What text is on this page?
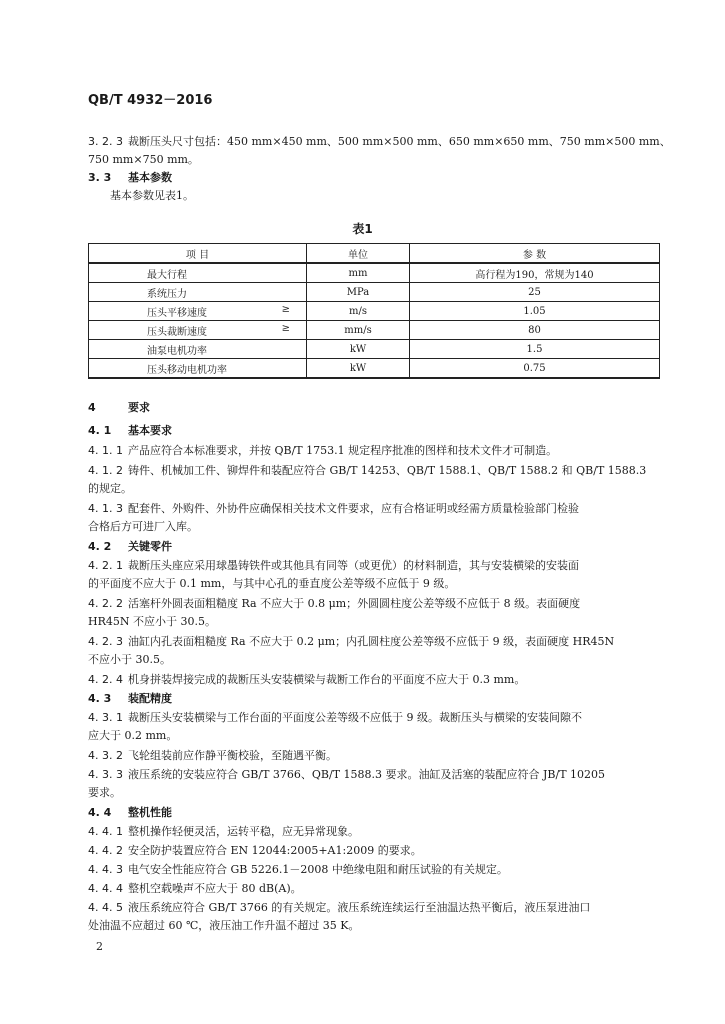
QB/T 4932－2016
3. 2. 3 裁断压头尺寸包括：450 mm×450 mm、500 mm×500 mm、650 mm×650 mm、750 mm×500 mm、
750 mm×750 mm。
3. 3 基本参数
基本参数见表1。
表1
项 目	单位	参 数

最大行程	mm	高行程为190，常规为140

系统压力	MPa	25

压头平移速度 ≥	m/s	1.05

压头裁断速度 ≥	mm/s	80

油泵电机功率	kW	1.5

压头移动电机功率	kW	0.75
4	要求
4. 1 基本要求
4. 1. 1 产品应符合本标准要求，并按 QB/T 1753.1 规定程序批准的图样和技术文件才可制造。
4. 1. 2 铸件、机械加工件、铆焊件和装配应符合 GB/T 14253、QB/T 1588.1、QB/T 1588.2 和 QB/T 1588.3
的规定。
4. 1. 3 配套件、外购件、外协件应确保相关技术文件要求，应有合格证明或经需方质量检验部门检验
合格后方可进厂入库。
4. 2 关键零件
4. 2. 1 裁断压头座应采用球墨铸铁件或其他具有同等（或更优）的材料制造，其与安装横梁的安装面
的平面度不应大于 0.1 mm，与其中心孔的垂直度公差等级不应低于 9 级。
4. 2. 2 活塞杆外圆表面粗糙度 Ra 不应大于 0.8 μm；外圆圆柱度公差等级不应低于 8 级。表面硬度
HR45N 不应小于 30.5。
4. 2. 3 油缸内孔表面粗糙度 Ra 不应大于 0.2 μm；内孔圆柱度公差等级不应低于 9 级，表面硬度 HR45N
不应小于 30.5。
4. 2. 4 机身拼装焊接完成的裁断压头安装横梁与裁断工作台的平面度不应大于 0.3 mm。
4. 3 装配精度
4. 3. 1 裁断压头安装横梁与工作台面的平面度公差等级不应低于 9 级。裁断压头与横梁的安装间隙不
应大于 0.2 mm。
4. 3. 2 飞轮组装前应作静平衡校验，至随遇平衡。
4. 3. 3 液压系统的安装应符合 GB/T 3766、QB/T 1588.3 要求。油缸及活塞的装配应符合 JB/T 10205
要求。
4. 4 整机性能
4. 4. 1 整机操作轻便灵活，运转平稳，应无异常现象。
4. 4. 2 安全防护装置应符合 EN 12044:2005+A1:2009 的要求。
4. 4. 3 电气安全性能应符合 GB 5226.1－2008 中绝缘电阻和耐压试验的有关规定。
4. 4. 4 整机空载噪声不应大于 80 dB(A)。
4. 4. 5 液压系统应符合 GB/T 3766 的有关规定。液压系统连续运行至油温达热平衡后，液压泵进油口
处油温不应超过 60 ℃，液压油工作升温不超过 35 K。
2
